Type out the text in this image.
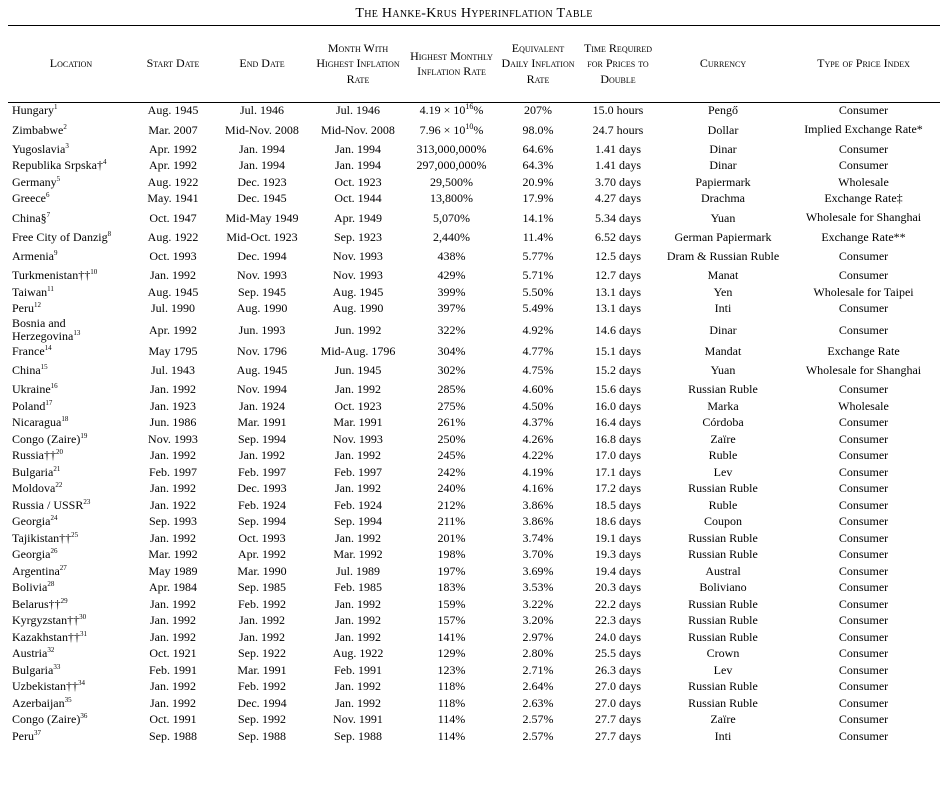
The Hanke-Krus Hyperinflation Table
Location	Start Date	End Date	Month With Highest Inflation Rate	Highest Monthly Inflation Rate	Equivalent Daily Inflation Rate	Time Required for Prices to Double	Currency	Type of Price Index
Hungary$^1$	Aug. 1945	Jul. 1946	Jul. 1946	$4.19 \times 10^{16}\%$	207%	15.0 hours	Pengő	Consumer
Zimbabwe$^2$	Mar. 2007	Mid-Nov. 2008	Mid-Nov. 2008	$7.96 \times 10^{10}\%$	98.0%	24.7 hours	Dollar	Implied Exchange Rate*
Yugoslavia$^3$	Apr. 1992	Jan. 1994	Jan. 1994	313,000,000%	64.6%	1.41 days	Dinar	Consumer
Republika Srpska†$^4$	Apr. 1992	Jan. 1994	Jan. 1994	297,000,000%	64.3%	1.41 days	Dinar	Consumer
Germany$^5$	Aug. 1922	Dec. 1923	Oct. 1923	29,500%	20.9%	3.70 days	Papiermark	Wholesale
Greece$^6$	May. 1941	Dec. 1945	Oct. 1944	13,800%	17.9%	4.27 days	Drachma	Exchange Rate‡
China§$^7$	Oct. 1947	Mid-May 1949	Apr. 1949	5,070%	14.1%	5.34 days	Yuan	Wholesale for Shanghai
Free City of Danzig$^8$	Aug. 1922	Mid-Oct. 1923	Sep. 1923	2,440%	11.4%	6.52 days	German Papiermark	Exchange Rate**
Armenia$^9$	Oct. 1993	Dec. 1994	Nov. 1993	438%	5.77%	12.5 days	Dram & Russian Ruble	Consumer
Turkmenistan††$^{10}$	Jan. 1992	Nov. 1993	Nov. 1993	429%	5.71%	12.7 days	Manat	Consumer
Taiwan$^{11}$	Aug. 1945	Sep. 1945	Aug. 1945	399%	5.50%	13.1 days	Yen	Wholesale for Taipei
Peru$^{12}$	Jul. 1990	Aug. 1990	Aug. 1990	397%	5.49%	13.1 days	Inti	Consumer
Bosnia and Herzegovina$^{13}$	Apr. 1992	Jun. 1993	Jun. 1992	322%	4.92%	14.6 days	Dinar	Consumer
France$^{14}$	May 1795	Nov. 1796	Mid-Aug. 1796	304%	4.77%	15.1 days	Mandat	Exchange Rate
China$^{15}$	Jul. 1943	Aug. 1945	Jun. 1945	302%	4.75%	15.2 days	Yuan	Wholesale for Shanghai
Ukraine$^{16}$	Jan. 1992	Nov. 1994	Jan. 1992	285%	4.60%	15.6 days	Russian Ruble	Consumer
Poland$^{17}$	Jan. 1923	Jan. 1924	Oct. 1923	275%	4.50%	16.0 days	Marka	Wholesale
Nicaragua$^{18}$	Jun. 1986	Mar. 1991	Mar. 1991	261%	4.37%	16.4 days	Córdoba	Consumer
Congo (Zaire)$^{19}$	Nov. 1993	Sep. 1994	Nov. 1993	250%	4.26%	16.8 days	Zaïre	Consumer
Russia††$^{20}$	Jan. 1992	Jan. 1992	Jan. 1992	245%	4.22%	17.0 days	Ruble	Consumer
Bulgaria$^{21}$	Feb. 1997	Feb. 1997	Feb. 1997	242%	4.19%	17.1 days	Lev	Consumer
Moldova$^{22}$	Jan. 1992	Dec. 1993	Jan. 1992	240%	4.16%	17.2 days	Russian Ruble	Consumer
Russia / USSR$^{23}$	Jan. 1922	Feb. 1924	Feb. 1924	212%	3.86%	18.5 days	Ruble	Consumer
Georgia$^{24}$	Sep. 1993	Sep. 1994	Sep. 1994	211%	3.86%	18.6 days	Coupon	Consumer
Tajikistan††$^{25}$	Jan. 1992	Oct. 1993	Jan. 1992	201%	3.74%	19.1 days	Russian Ruble	Consumer
Georgia$^{26}$	Mar. 1992	Apr. 1992	Mar. 1992	198%	3.70%	19.3 days	Russian Ruble	Consumer
Argentina$^{27}$	May 1989	Mar. 1990	Jul. 1989	197%	3.69%	19.4 days	Austral	Consumer
Bolivia$^{28}$	Apr. 1984	Sep. 1985	Feb. 1985	183%	3.53%	20.3 days	Boliviano	Consumer
Belarus††$^{29}$	Jan. 1992	Feb. 1992	Jan. 1992	159%	3.22%	22.2 days	Russian Ruble	Consumer
Kyrgyzstan††$^{30}$	Jan. 1992	Jan. 1992	Jan. 1992	157%	3.20%	22.3 days	Russian Ruble	Consumer
Kazakhstan††$^{31}$	Jan. 1992	Jan. 1992	Jan. 1992	141%	2.97%	24.0 days	Russian Ruble	Consumer
Austria$^{32}$	Oct. 1921	Sep. 1922	Aug. 1922	129%	2.80%	25.5 days	Crown	Consumer
Bulgaria$^{33}$	Feb. 1991	Mar. 1991	Feb. 1991	123%	2.71%	26.3 days	Lev	Consumer
Uzbekistan††$^{34}$	Jan. 1992	Feb. 1992	Jan. 1992	118%	2.64%	27.0 days	Russian Ruble	Consumer
Azerbaijan$^{35}$	Jan. 1992	Dec. 1994	Jan. 1992	118%	2.63%	27.0 days	Russian Ruble	Consumer
Congo (Zaire)$^{36}$	Oct. 1991	Sep. 1992	Nov. 1991	114%	2.57%	27.7 days	Zaïre	Consumer
Peru$^{37}$	Sep. 1988	Sep. 1988	Sep. 1988	114%	2.57%	27.7 days	Inti	Consumer
